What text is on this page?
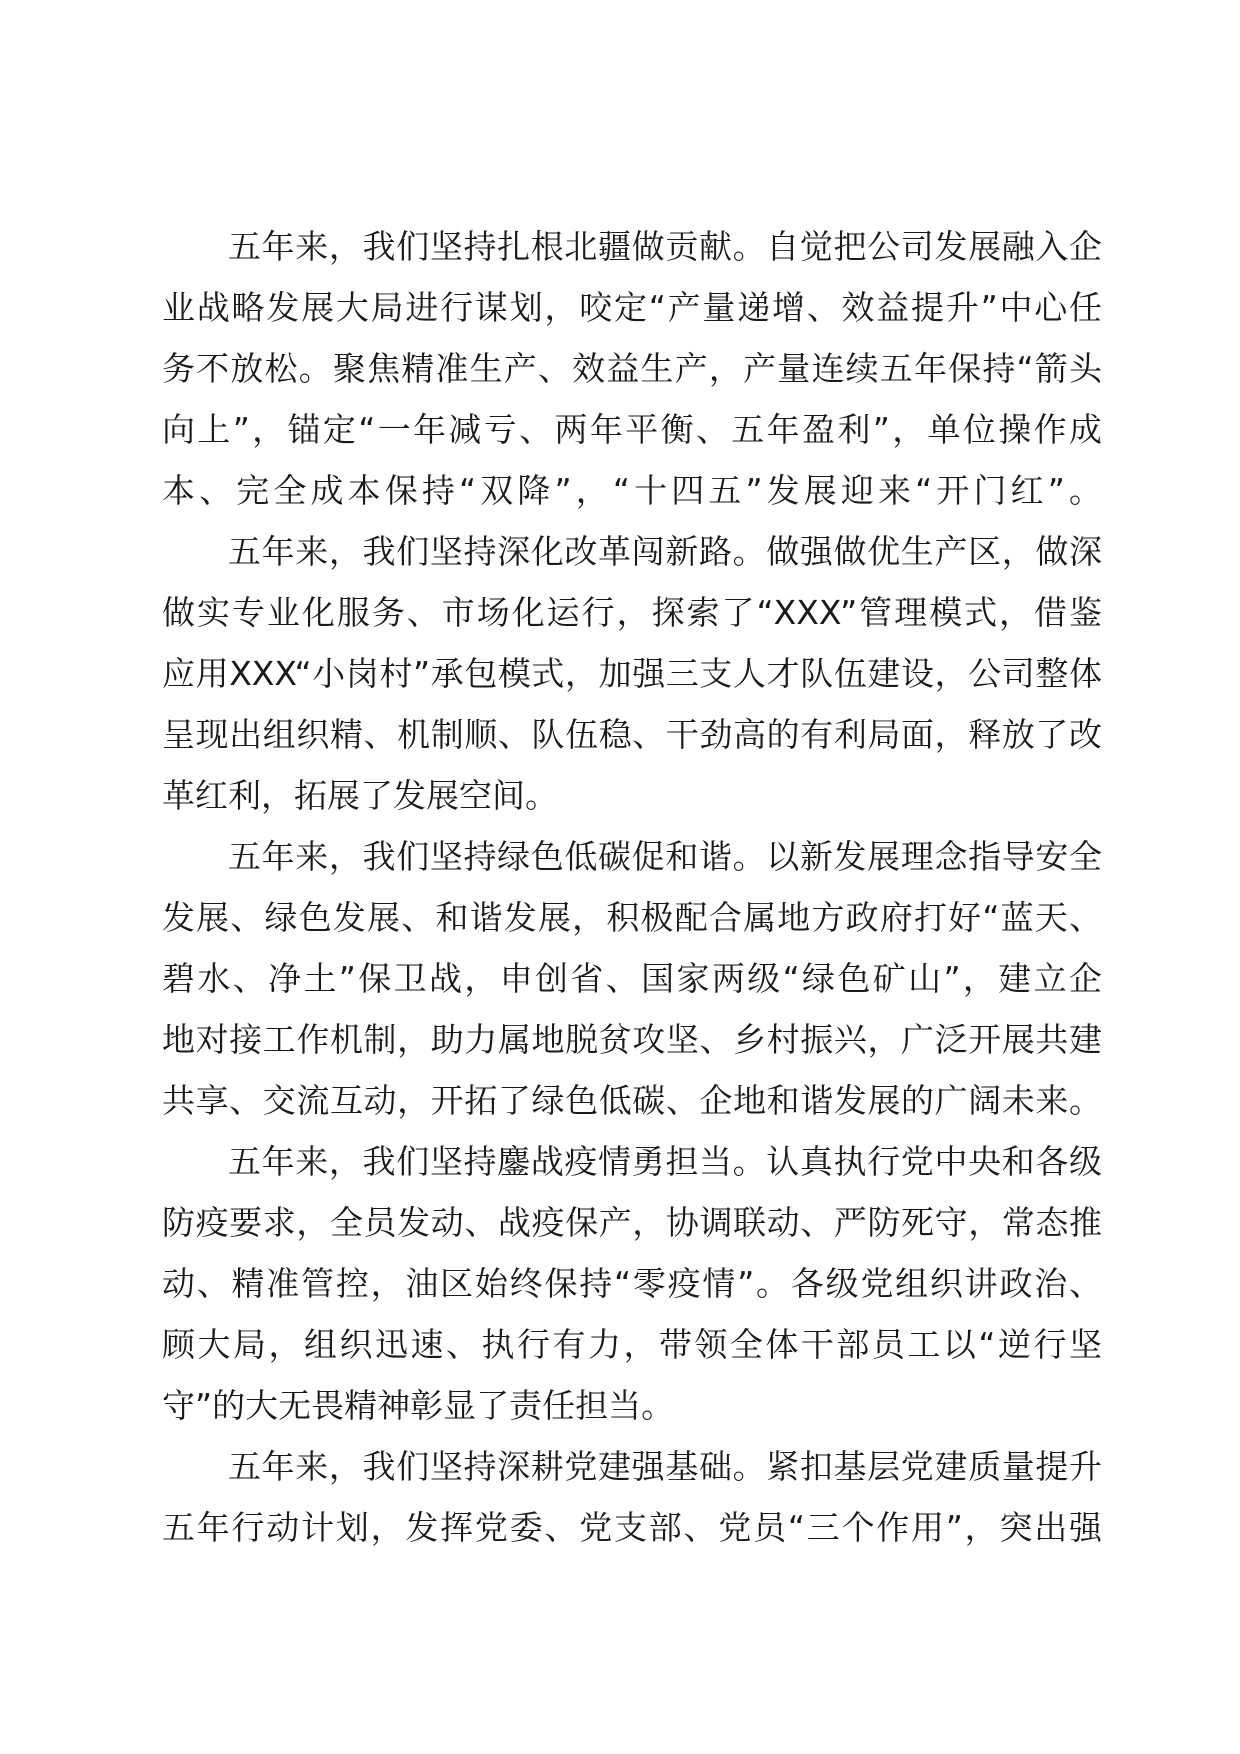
五年来，我们坚持扎根北疆做贡献。自觉把公司发展融入企
业战略发展大局进行谋划，咬定“产量递增、效益提升”中心任
务不放松。聚焦精准生产、效益生产，产量连续五年保持“箭头
向上”，锚定“一年减亏、两年平衡、五年盈利”，单位操作成
本、完全成本保持“双降”，“十四五”发展迎来“开门红”。
五年来，我们坚持深化改革闯新路。做强做优生产区，做深
做实专业化服务、市场化运行，探索了“XXX”管理模式，借鉴
应用XXX“小岗村”承包模式，加强三支人才队伍建设，公司整体
呈现出组织精、机制顺、队伍稳、干劲高的有利局面，释放了改
革红利，拓展了发展空间。
五年来，我们坚持绿色低碳促和谐。以新发展理念指导安全
发展、绿色发展、和谐发展，积极配合属地方政府打好“蓝天、
碧水、净土”保卫战，申创省、国家两级“绿色矿山”，建立企
地对接工作机制，助力属地脱贫攻坚、乡村振兴，广泛开展共建
共享、交流互动，开拓了绿色低碳、企地和谐发展的广阔未来。
五年来，我们坚持鏖战疫情勇担当。认真执行党中央和各级
防疫要求，全员发动、战疫保产，协调联动、严防死守，常态推
动、精准管控，油区始终保持“零疫情”。各级党组织讲政治、
顾大局，组织迅速、执行有力，带领全体干部员工以“逆行坚
守”的大无畏精神彰显了责任担当。
五年来，我们坚持深耕党建强基础。紧扣基层党建质量提升
五年行动计划，发挥党委、党支部、党员“三个作用”，突出强
